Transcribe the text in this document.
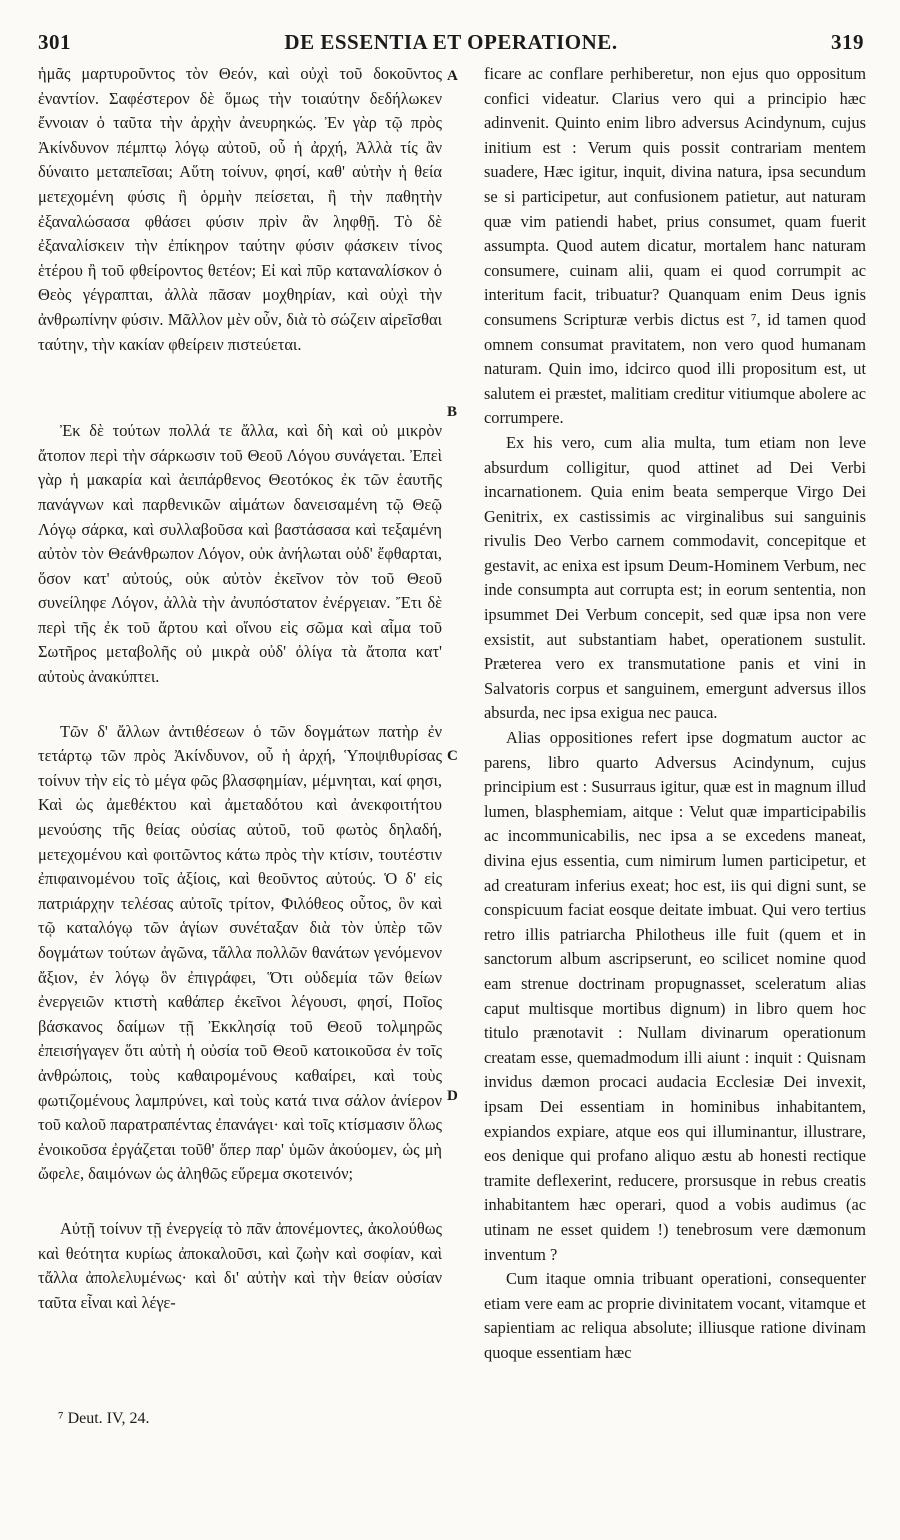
301	DE ESSENTIA ET OPERATIONE.	319

ἡμᾶς μαρτυροῦντος τὸν Θεόν, καὶ οὐχὶ τοῦ δοκοῦντος ἐναντίον. Σαφέστερον δὲ ὅμως τὴν τοιαύτην δεδήλωκεν ἔννοιαν ὁ ταῦτα τὴν ἀρχὴν ἀνευρηκώς. Ἐν γὰρ τῷ πρὸς Ἀκίνδυνον πέμπτῳ λόγῳ αὐτοῦ, οὗ ἡ ἀρχή, Ἀλλὰ τίς ἂν δύναιτο μεταπεῖσαι; Αὕτη τοίνυν, φησί, καθ' αὑτὴν ἡ θεία μετεχομένη φύσις ἢ ὁρμὴν πείσεται, ἢ τὴν παθητὴν ἐξαναλώσασα φθάσει φύσιν πρὶν ἂν ληφθῇ. Τὸ δὲ ἐξαναλίσκειν τὴν ἐπίκηρον ταύτην φύσιν φάσκειν τίνος ἑτέρου ἢ τοῦ φθείροντος θετέον; Εἰ καὶ πῦρ καταναλίσκον ὁ Θεὸς γέγραπται, ἀλλὰ πᾶσαν μοχθηρίαν, καὶ οὐχὶ τὴν ἀνθρωπίνην φύσιν. Μᾶλλον μὲν οὖν, διὰ τὸ σώζειν αἱρεῖσθαι ταύτην, τὴν κακίαν φθείρειν πιστεύεται.

Ἐκ δὲ τούτων πολλά τε ἄλλα, καὶ δὴ καὶ οὐ μικρὸν ἄτοπον περὶ τὴν σάρκωσιν τοῦ Θεοῦ Λόγου συνάγεται. Ἐπεὶ γὰρ ἡ μακαρία καὶ ἀειπάρθενος Θεοτόκος ἐκ τῶν ἑαυτῆς πανάγνων καὶ παρθενικῶν αἱμάτων δανεισαμένη τῷ Θεῷ Λόγῳ σάρκα, καὶ συλλαβοῦσα καὶ βαστάσασα καὶ τεξαμένη αὐτὸν τὸν Θεάνθρωπον Λόγον, οὐκ ἀνήλωται οὐδ' ἔφθαρται, ὅσον κατ' αὐτούς, οὐκ αὐτὸν ἐκεῖνον τὸν τοῦ Θεοῦ συνείληφε Λόγον, ἀλλὰ τὴν ἀνυπόστατον ἐνέργειαν. Ἔτι δὲ περὶ τῆς ἐκ τοῦ ἄρτου καὶ οἴνου εἰς σῶμα καὶ αἷμα τοῦ Σωτῆρος μεταβολῆς οὐ μικρὰ οὐδ' ὀλίγα τὰ ἄτοπα κατ' αὐτοὺς ἀνακύπτει.

Τῶν δ' ἄλλων ἀντιθέσεων ὁ τῶν δογμάτων πατὴρ ἐν τετάρτῳ τῶν πρὸς Ἀκίνδυνον, οὗ ἡ ἀρχή, Ὑποψιθυρίσας τοίνυν τὴν εἰς τὸ μέγα φῶς βλασφημίαν, μέμνηται, καί φησι, Καὶ ὡς ἀμεθέκτου καὶ ἀμεταδότου καὶ ἀνεκφοιτήτου μενούσης τῆς θείας οὐσίας αὐτοῦ, τοῦ φωτὸς δηλαδή, μετεχομένου καὶ φοιτῶντος κάτω πρὸς τὴν κτίσιν, τουτέστιν ἐπιφαινομένου τοῖς ἀξίοις, καὶ θεοῦντος αὐτούς. Ὁ δ' εἰς πατριάρχην τελέσας αὐτοῖς τρίτον, Φιλόθεος οὗτος, ὃν καὶ τῷ καταλόγῳ τῶν ἁγίων συνέταξαν διὰ τὸν ὑπὲρ τῶν δογμάτων τούτων ἀγῶνα, τἄλλα πολλῶν θανάτων γενόμενον ἄξιον, ἐν λόγῳ ὃν ἐπιγράφει, Ὅτι οὐδεμία τῶν θείων ἐνεργειῶν κτιστὴ καθάπερ ἐκεῖνοι λέγουσι, φησί, Ποῖος βάσκανος δαίμων τῇ Ἐκκλησίᾳ τοῦ Θεοῦ τολμηρῶς ἐπεισήγαγεν ὅτι αὐτὴ ἡ οὐσία τοῦ Θεοῦ κατοικοῦσα ἐν τοῖς ἀνθρώποις, τοὺς καθαιρομένους καθαίρει, καὶ τοὺς φωτιζομένους λαμπρύνει, καὶ τοὺς κατά τινα σάλον ἀνίερον τοῦ καλοῦ παρατραπέντας ἐπανάγει· καὶ τοῖς κτίσμασιν ὅλως ἐνοικοῦσα ἐργάζεται τοῦθ' ὅπερ παρ' ὑμῶν ἀκούομεν, ὡς μὴ ὤφελε, δαιμόνων ὡς ἀληθῶς εὕρεμα σκοτεινόν;

Αὐτῇ τοίνυν τῇ ἐνεργείᾳ τὸ πᾶν ἀπονέμοντες, ἀκολούθως καὶ θεότητα κυρίως ἀποκαλοῦσι, καὶ ζωὴν καὶ σοφίαν, καὶ τἄλλα ἀπολελυμένως· καὶ δι' αὐτὴν καὶ τὴν θείαν οὐσίαν ταῦτα εἶναι καὶ λέγε-

ficare ac conflare perhiberetur, non ejus quo oppositum confici videatur. Clarius vero qui a principio hæc adinvenit. Quinto enim libro adversus Acindynum, cujus initium est : Verum quis possit contrariam mentem suadere, Hæc igitur, inquit, divina natura, ipsa secundum se si participetur, aut confusionem patietur, aut naturam quæ vim patiendi habet, prius consumet, quam fuerit assumpta. Quod autem dicatur, mortalem hanc naturam consumere, cuinam alii, quam ei quod corrumpit ac interitum facit, tribuatur? Quanquam enim Deus ignis consumens Scripturæ verbis dictus est ⁷, id tamen quod omnem consumat pravitatem, non vero quod humanam naturam. Quin imo, idcirco quod illi propositum est, ut salutem ei præstet, malitiam creditur vitiumque abolere ac corrumpere.

Ex his vero, cum alia multa, tum etiam non leve absurdum colligitur, quod attinet ad Dei Verbi incarnationem. Quia enim beata semperque Virgo Dei Genitrix, ex castissimis ac virginalibus sui sanguinis rivulis Deo Verbo carnem commodavit, concepitque et gestavit, ac enixa est ipsum Deum-Hominem Verbum, nec inde consumpta aut corrupta est; in eorum sententia, non ipsummet Dei Verbum concepit, sed quæ ipsa non vere exsistit, aut substantiam habet, operationem sustulit. Præterea vero ex transmutatione panis et vini in Salvatoris corpus et sanguinem, emergunt adversus illos absurda, nec ipsa exigua nec pauca.

Alias oppositiones refert ipse dogmatum auctor ac parens, libro quarto Adversus Acindynum, cujus principium est : Susurraus igitur, quæ est in magnum illud lumen, blasphemiam, aitque : Velut quæ imparticipabilis ac incommunicabilis, nec ipsa a se excedens maneat, divina ejus essentia, cum nimirum lumen participetur, et ad creaturam inferius exeat; hoc est, iis qui digni sunt, se conspicuum faciat eosque deitate imbuat. Qui vero tertius retro illis patriarcha Philotheus ille fuit (quem et in sanctorum album ascripserunt, eo scilicet nomine quod eam strenue doctrinam propugnasset, sceleratum alias caput multisque mortibus dignum) in libro quem hoc titulo prænotavit : Nullam divinarum operationum creatam esse, quemadmodum illi aiunt : inquit : Quisnam invidus dæmon procaci audacia Ecclesiæ Dei invexit, ipsam Dei essentiam in hominibus inhabitantem, expiandos expiare, atque eos qui illuminantur, illustrare, eos denique qui profano aliquo æstu ab honesti rectique tramite deflexerint, reducere, prorsusque in rebus creatis inhabitantem hæc operari, quod a vobis audimus (ac utinam ne esset quidem !) tenebrosum vere dæmonum inventum ?

Cum itaque omnia tribuant operationi, consequenter etiam vere eam ac proprie divinitatem vocant, vitamque et sapientiam ac reliqua absolute; illiusque ratione divinam quoque essentiam hæc

A
B
C
D
⁷ Deut. IV, 24.
